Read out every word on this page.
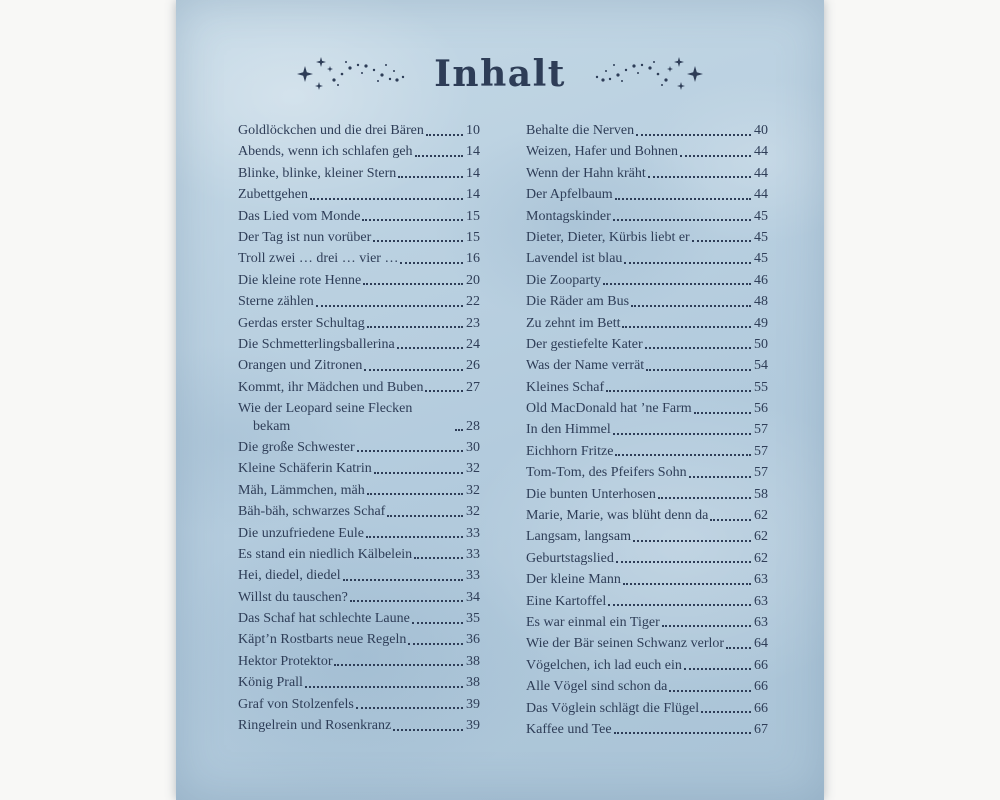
Inhalt
Goldlöckchen und die drei Bären	10
Abends, wenn ich schlafen geh	14
Blinke, blinke, kleiner Stern	14
Zubettgehen	14
Das Lied vom Monde	15
Der Tag ist nun vorüber	15
Troll zwei … drei … vier …	16
Die kleine rote Henne	20
Sterne zählen	22
Gerdas erster Schultag	23
Die Schmetterlingsballerina	24
Orangen und Zitronen	26
Kommt, ihr Mädchen und Buben	27
Wie der Leopard seine Flecken bekam	28
Die große Schwester	30
Kleine Schäferin Katrin	32
Mäh, Lämmchen, mäh	32
Bäh-bäh, schwarzes Schaf	32
Die unzufriedene Eule	33
Es stand ein niedlich Kälbelein	33
Hei, diedel, diedel	33
Willst du tauschen?	34
Das Schaf hat schlechte Laune	35
Käpt’n Rostbarts neue Regeln	36
Hektor Protektor	38
König Prall	38
Graf von Stolzenfels	39
Ringelrein und Rosenkranz	39
Behalte die Nerven	40
Weizen, Hafer und Bohnen	44
Wenn der Hahn kräht	44
Der Apfelbaum	44
Montagskinder	45
Dieter, Dieter, Kürbis liebt er	45
Lavendel ist blau	45
Die Zooparty	46
Die Räder am Bus	48
Zu zehnt im Bett	49
Der gestiefelte Kater	50
Was der Name verrät	54
Kleines Schaf	55
Old MacDonald hat ’ne Farm	56
In den Himmel	57
Eichhorn Fritze	57
Tom-Tom, des Pfeifers Sohn	57
Die bunten Unterhosen	58
Marie, Marie, was blüht denn da	62
Langsam, langsam	62
Geburtstagslied	62
Der kleine Mann	63
Eine Kartoffel	63
Es war einmal ein Tiger	63
Wie der Bär seinen Schwanz verlor 64
Vögelchen, ich lad euch ein	66
Alle Vögel sind schon da	66
Das Vöglein schlägt die Flügel	66
Kaffee und Tee	67
